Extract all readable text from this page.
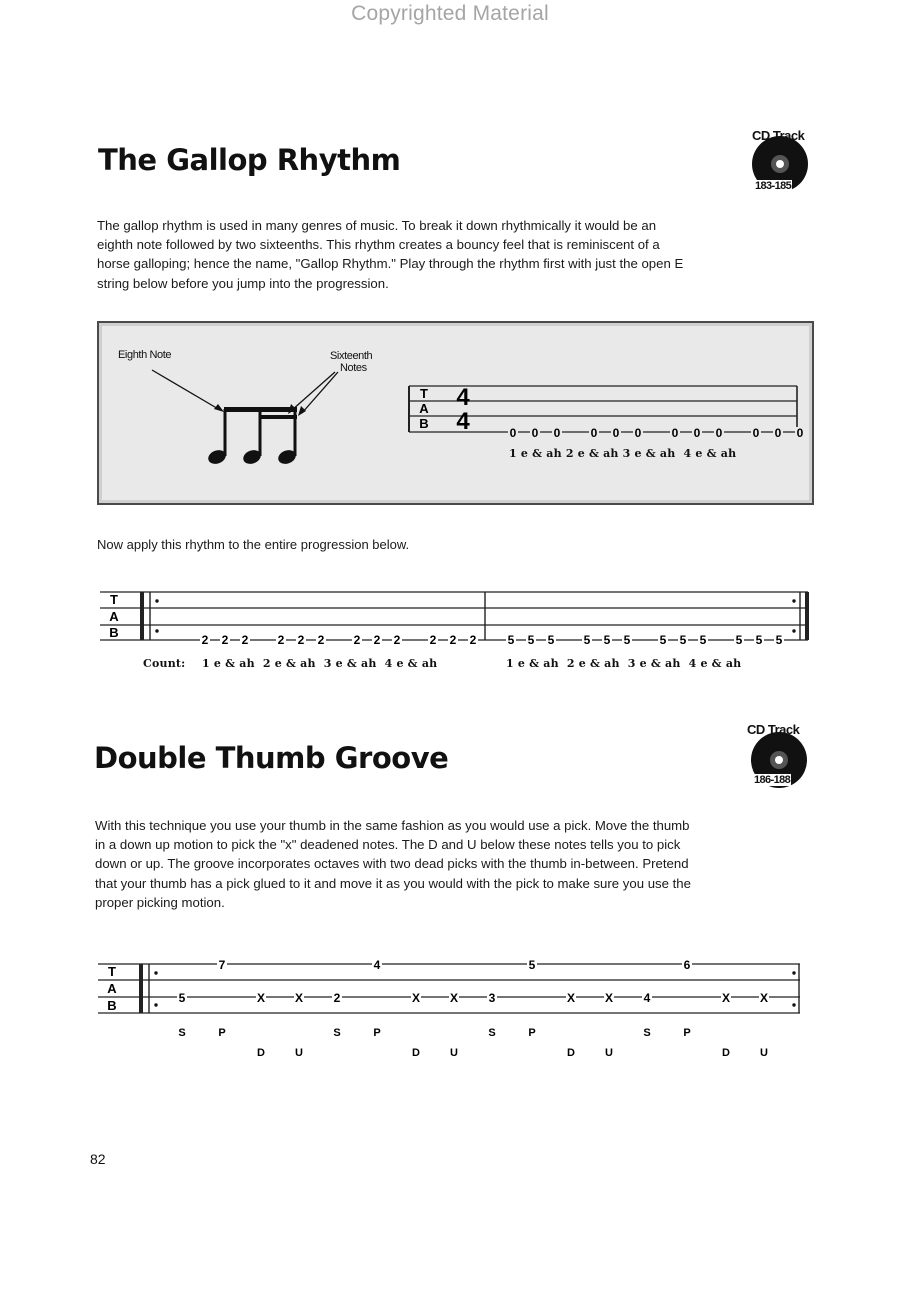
Copyrighted Material
The Gallop Rhythm
CD Track
183-185
The gallop rhythm is used in many genres of music. To break it down rhythmically it would be an
eighth note followed by two sixteenths. This rhythm creates a bouncy feel that is reminiscent of a
horse galloping; hence the name, "Gallop Rhythm." Play through the rhythm first with just the open E
string below before you jump into the progression.
Eighth Note	Sixteenth
Notes
T
A
B
4
4	0 0 0	0 0 0	0 0 0	0 0 0
1 e & ah 2 e & ah 3 e & ah  4 e & ah
Now apply this rhythm to the entire progression below.
T
A
B	2 2 2 2 2 2 2 2 2 2 2 2	5 5 5 5 5 5 5 5 5 5 5 5
Count: 1 e & ah  2 e & ah  3 e & ah  4 e & ah	1 e & ah  2 e & ah  3 e & ah  4 e & ah
Double Thumb Groove
CD Track
186-188
With this technique you use your thumb in the same fashion as you would use a pick. Move the thumb
in a down up motion to pick the "x" deadened notes. The D and U below these notes tells you to pick
down or up. The groove incorporates octaves with two dead picks with the thumb in-between. Pretend
that your thumb has a pick glued to it and move it as you would with the pick to make sure you use the
proper picking motion.
T
A
B
7
5	X X
S	P
D	U
4
2	X X
S	P
D	U
5
3	X X
S	P
D	U
6
4	X X
S	P
D	U
82
